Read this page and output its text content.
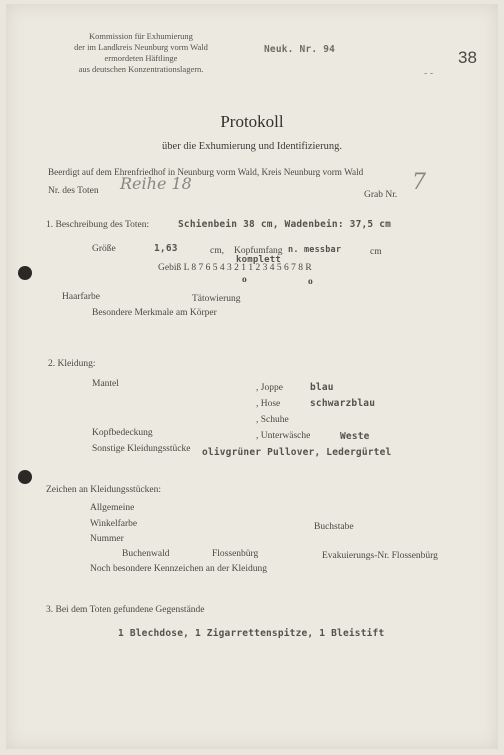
Kommission für Exhumierung
der im Landkreis Neunburg vorm Wald
ermordeten Häftlinge
aus deutschen Konzentrationslagern.
Neuk. Nr. 94	38
- -
Protokoll
über die Exhumierung und Identifizierung.
Beerdigt auf dem Ehrenfriedhof in Neunburg vorm Wald, Kreis Neunburg vorm Wald
Nr. des Toten Reihe 18
Grab Nr. 7
1. Beschreibung des Toten:	Schienbein 38 cm, Wadenbein: 37,5 cm
Größe	1,63	cm, Kopfumfang n. messbar	cm
komplett
Gebiß L 8 7 6 5 4 3 2 1 1 2 3 4 5 6 7 8 R
o	o
Haarfarbe	Tätowierung
Besondere Merkmale am Körper
2. Kleidung:
Mantel	, Joppe	blau
, Hose	schwarzblau
, Schuhe
Kopfbedeckung	, Unterwäsche	Weste
Sonstige Kleidungsstücke olivgrüner Pullover, Ledergürtel
Zeichen an Kleidungsstücken:
Allgemeine
Winkelfarbe	Buchstabe
Nummer
Buchenwald	Flossenbürg	Evakuierungs-Nr. Flossenbürg
Noch besondere Kennzeichen an der Kleidung
3. Bei dem Toten gefundene Gegenstände
1 Blechdose, 1 Zigarrettenspitze, 1 Bleistift
